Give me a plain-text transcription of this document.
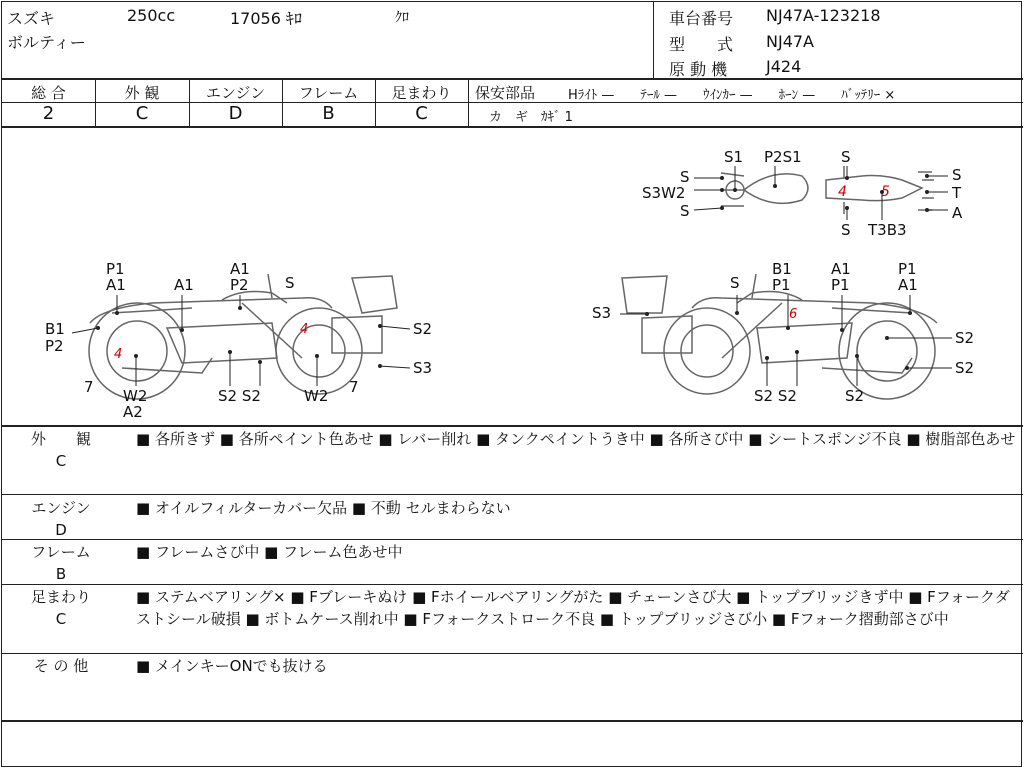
スズキ	250cc	17056 ｷﾛ	ｸﾛ
ボルティー
車台番号 NJ47A-123218
型　　式 NJ47A
原 動 機 J424
総 合
2
外 観
C
エンジン
D
フレーム
B
足まわり
C
保安部品	Hﾗｲﾄ —　　ﾃｰﾙ —　　ｳｲﾝｶｰ —　　ﾎｰﾝ —　　ﾊﾞｯﾃﾘｰ ×
カ　ギ　ｶｷﾞ 1
S1 P2S1	S
S
S3W2
S
S
T
A
S T3B3
4 5
P1
A1	A1
A1
P2 S
B1
P2
S2
S3
7 W2
A2
S2 S2	W2 7
4
4
S
B1
P1
A1
P1
P1
A1
S3
S2
S2
S2 S2	S2
6
外　　観
C
■ 各所きず ■ 各所ペイント色あせ ■ レバー削れ ■ タンクペイントうき中 ■ 各所さび中 ■ シートスポンジ不良 ■ 樹脂部色あせ
エンジン
D
■ オイルフィルターカバー欠品 ■ 不動 セルまわらない
フレーム
B
■ フレームさび中 ■ フレーム色あせ中
足まわり
C
■ ステムベアリング× ■ Fブレーキぬけ ■ Fホイールベアリングがた ■ チェーンさび大 ■ トップブリッジきず中 ■ Fフォークダストシール破損 ■ ボトムケース削れ中 ■ Fフォークストローク不良 ■ トップブリッジさび小 ■ Fフォーク摺動部さび中
そ の 他	■ メインキーONでも抜ける
